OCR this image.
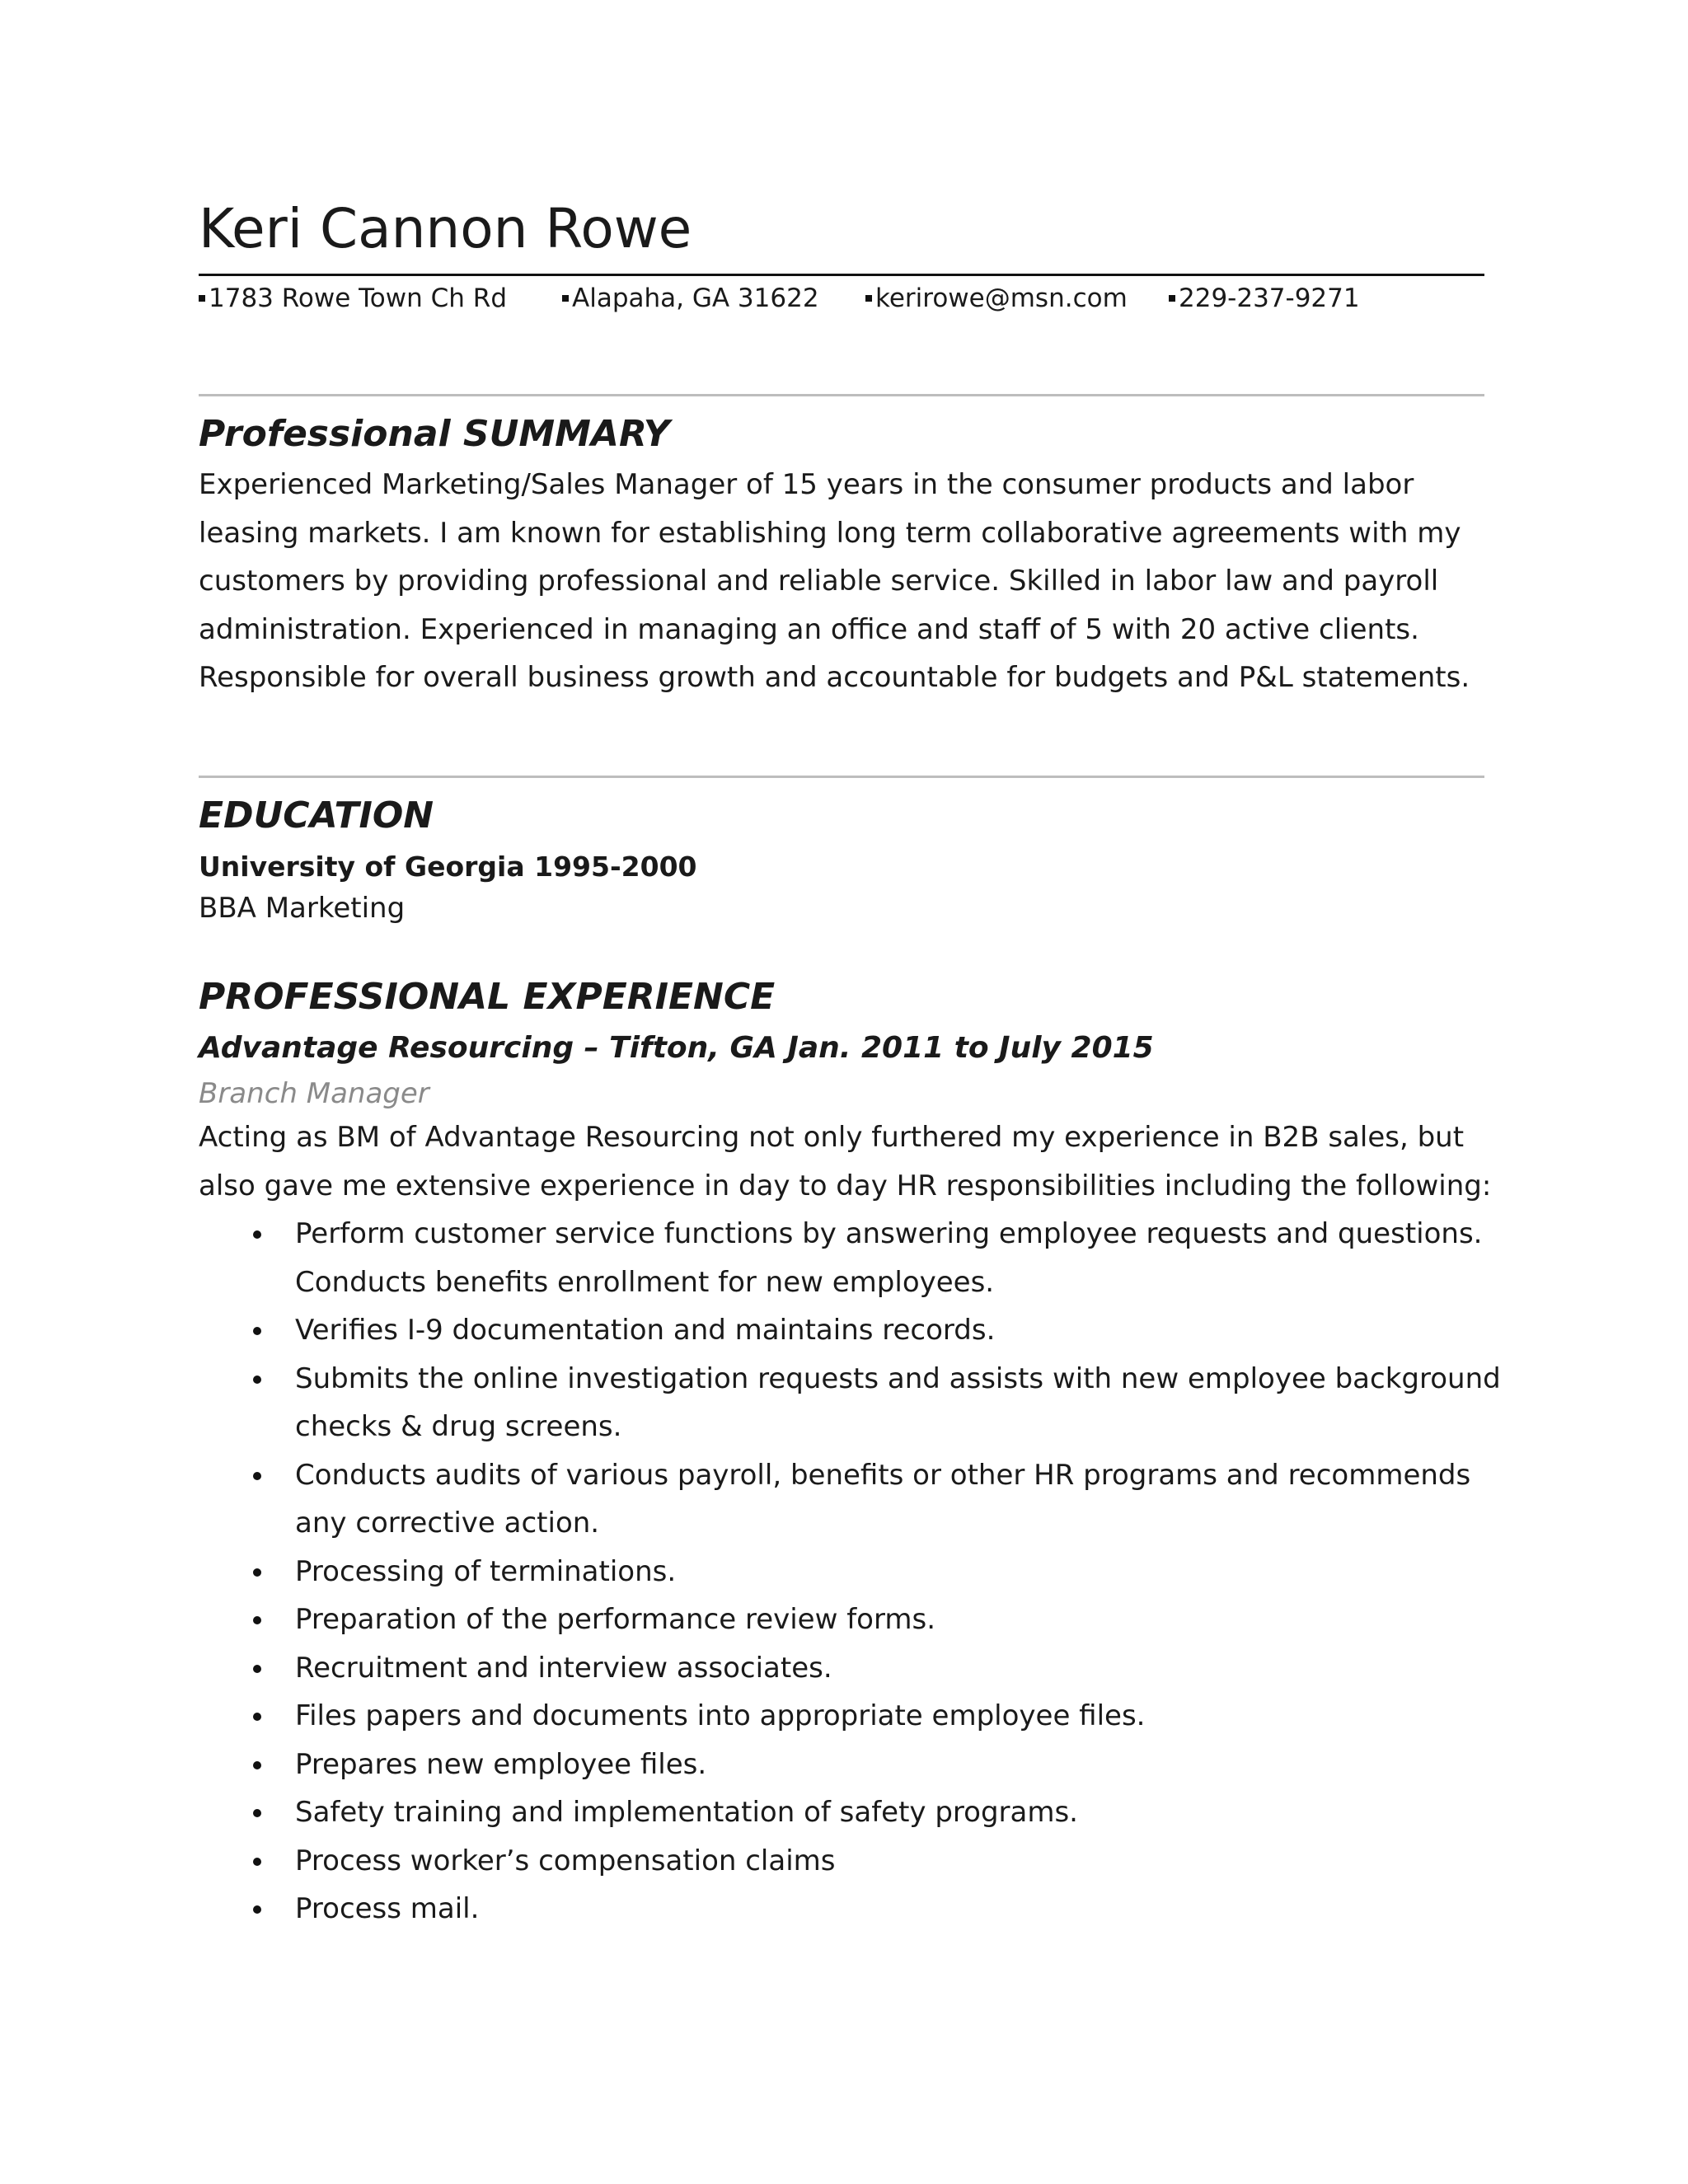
Keri Cannon Rowe
1783 Rowe Town Ch Rd	Alapaha, GA 31622	kerirowe@msn.com	229-237-9271
Professional SUMMARY
Experienced Marketing/Sales Manager of 15 years in the consumer products and labor
leasing markets. I am known for establishing long term collaborative agreements with my
customers by providing professional and reliable service. Skilled in labor law and payroll
administration. Experienced in managing an office and staff of 5 with 20 active clients.
Responsible for overall business growth and accountable for budgets and P&L statements.
EDUCATION
University of Georgia 1995-2000
BBA Marketing
PROFESSIONAL EXPERIENCE
Advantage Resourcing – Tifton, GA Jan. 2011 to July 2015
Branch Manager
Acting as BM of Advantage Resourcing not only furthered my experience in B2B sales, but
also gave me extensive experience in day to day HR responsibilities including the following:
Perform customer service functions by answering employee requests and questions.
Conducts benefits enrollment for new employees.
Verifies I-9 documentation and maintains records.
Submits the online investigation requests and assists with new employee background
checks & drug screens.
Conducts audits of various payroll, benefits or other HR programs and recommends
any corrective action.
Processing of terminations.
Preparation of the performance review forms.
Recruitment and interview associates.
Files papers and documents into appropriate employee files.
Prepares new employee files.
Safety training and implementation of safety programs.
Process worker’s compensation claims
Process mail.
